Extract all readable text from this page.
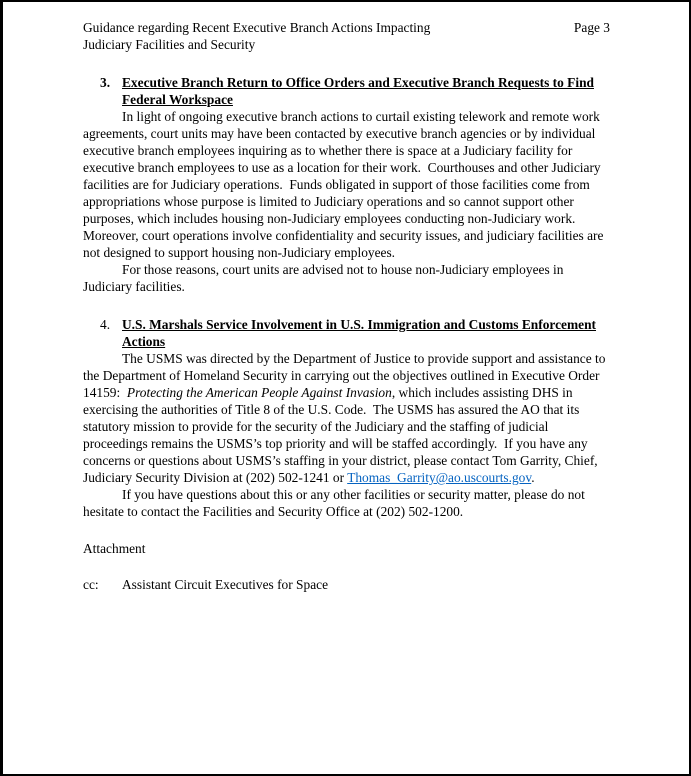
Guidance regarding Recent Executive Branch Actions Impacting
Judiciary Facilities and Security
Page 3
3. Executive Branch Return to Office Orders and Executive Branch Requests to Find Federal Workspace

In light of ongoing executive branch actions to curtail existing telework and remote work agreements, court units may have been contacted by executive branch agencies or by individual executive branch employees inquiring as to whether there is space at a Judiciary facility for executive branch employees to use as a location for their work.  Courthouses and other Judiciary facilities are for Judiciary operations.  Funds obligated in support of those facilities come from appropriations whose purpose is limited to Judiciary operations and so cannot support other purposes, which includes housing non-Judiciary employees conducting non-Judiciary work.  Moreover, court operations involve confidentiality and security issues, and judiciary facilities are not designed to support housing non-Judiciary employees.

For those reasons, court units are advised not to house non-Judiciary employees in Judiciary facilities.

4. U.S. Marshals Service Involvement in U.S. Immigration and Customs Enforcement Actions

The USMS was directed by the Department of Justice to provide support and assistance to the Department of Homeland Security in carrying out the objectives outlined in Executive Order 14159:  Protecting the American People Against Invasion, which includes assisting DHS in exercising the authorities of Title 8 of the U.S. Code.  The USMS has assured the AO that its statutory mission to provide for the security of the Judiciary and the staffing of judicial proceedings remains the USMS’s top priority and will be staffed accordingly.  If you have any concerns or questions about USMS’s staffing in your district, please contact Tom Garrity, Chief, Judiciary Security Division at (202) 502-1241 or Thomas_Garrity@ao.uscourts.gov.

If you have questions about this or any other facilities or security matter, please do not hesitate to contact the Facilities and Security Office at (202) 502-1200.

Attachment
cc: Assistant Circuit Executives for Space
